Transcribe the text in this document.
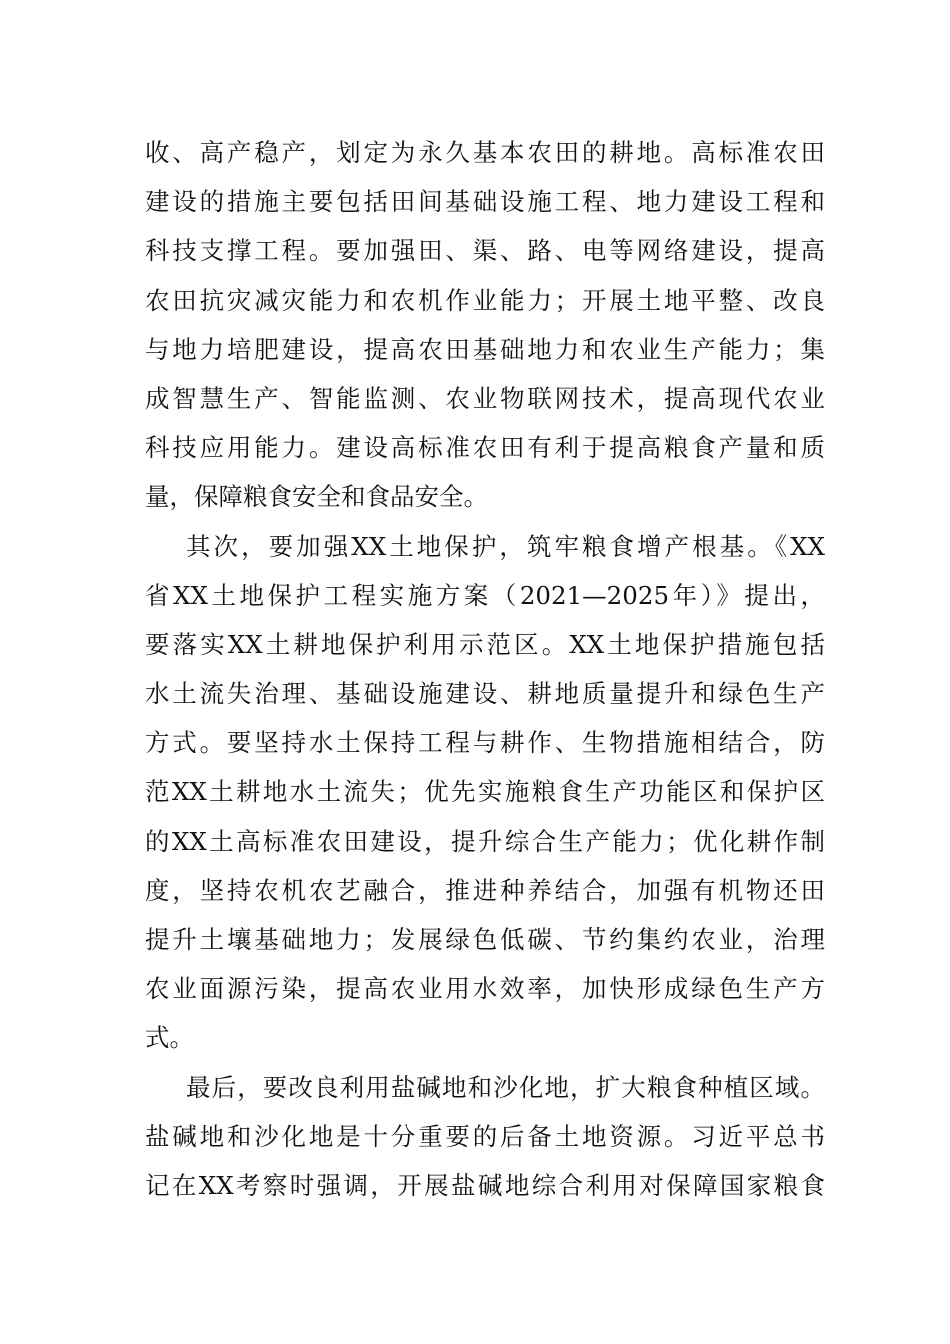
收、高产稳产，划定为永久基本农田的耕地。高标准农田
建设的措施主要包括田间基础设施工程、地力建设工程和
科技支撑工程。要加强田、渠、路、电等网络建设，提高
农田抗灾减灾能力和农机作业能力；开展土地平整、改良
与地力培肥建设，提高农田基础地力和农业生产能力；集
成智慧生产、智能监测、农业物联网技术，提高现代农业
科技应用能力。建设高标准农田有利于提高粮食产量和质
量，保障粮食安全和食品安全。
其次，要加强XX土地保护，筑牢粮食增产根基。《XX
省XX土地保护工程实施方案（2021—2025年）》提出，
要落实XX土耕地保护利用示范区。XX土地保护措施包括
水土流失治理、基础设施建设、耕地质量提升和绿色生产
方式。要坚持水土保持工程与耕作、生物措施相结合，防
范XX土耕地水土流失；优先实施粮食生产功能区和保护区
的XX土高标准农田建设，提升综合生产能力；优化耕作制
度，坚持农机农艺融合，推进种养结合，加强有机物还田
提升土壤基础地力；发展绿色低碳、节约集约农业，治理
农业面源污染，提高农业用水效率，加快形成绿色生产方
式。
最后，要改良利用盐碱地和沙化地，扩大粮食种植区域。
盐碱地和沙化地是十分重要的后备土地资源。习近平总书
记在XX考察时强调，开展盐碱地综合利用对保障国家粮食
